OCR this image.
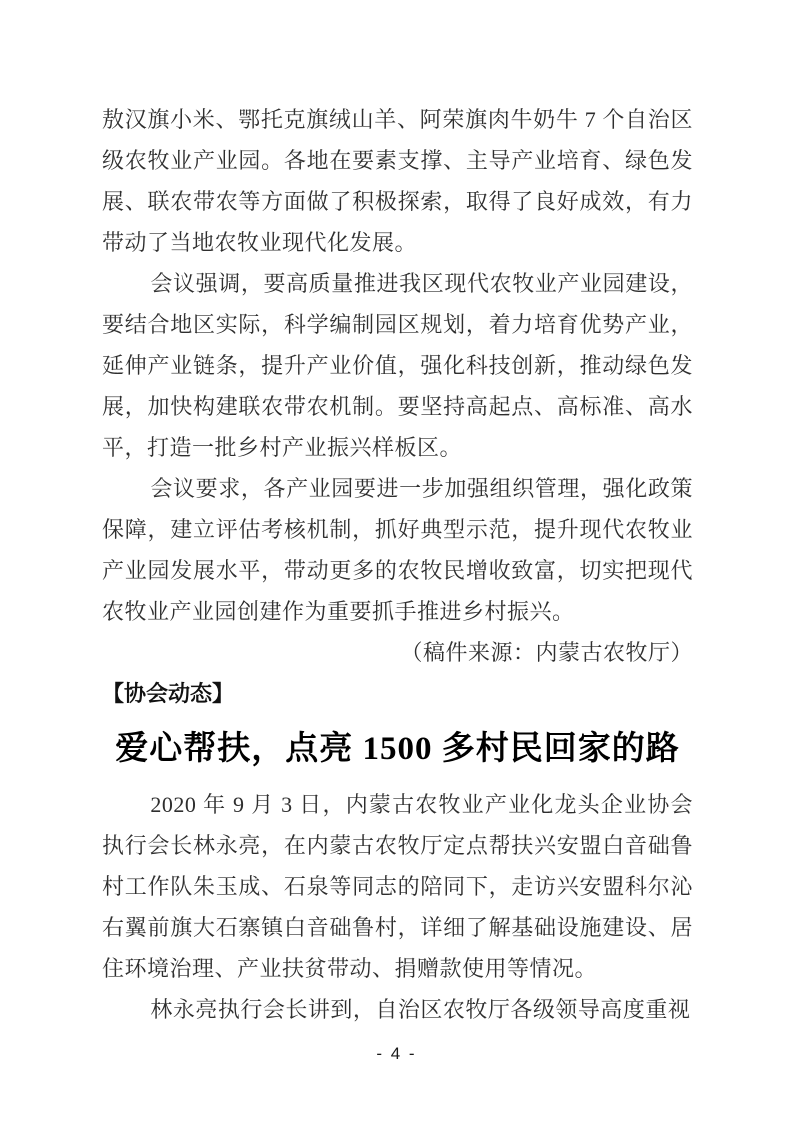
敖汉旗小米、鄂托克旗绒山羊、阿荣旗肉牛奶牛 7 个自治区级农牧业产业园。各地在要素支撑、主导产业培育、绿色发展、联农带农等方面做了积极探索，取得了良好成效，有力带动了当地农牧业现代化发展。

会议强调，要高质量推进我区现代农牧业产业园建设，要结合地区实际，科学编制园区规划，着力培育优势产业，延伸产业链条，提升产业价值，强化科技创新，推动绿色发展，加快构建联农带农机制。要坚持高起点、高标准、高水平，打造一批乡村产业振兴样板区。

会议要求，各产业园要进一步加强组织管理，强化政策保障，建立评估考核机制，抓好典型示范，提升现代农牧业产业园发展水平，带动更多的农牧民增收致富，切实把现代农牧业产业园创建作为重要抓手推进乡村振兴。

（稿件来源：内蒙古农牧厅）

【协会动态】
爱心帮扶，点亮 1500 多村民回家的路

2020 年 9 月 3 日，内蒙古农牧业产业化龙头企业协会执行会长林永亮，在内蒙古农牧厅定点帮扶兴安盟白音础鲁村工作队朱玉成、石泉等同志的陪同下，走访兴安盟科尔沁右翼前旗大石寨镇白音础鲁村，详细了解基础设施建设、居住环境治理、产业扶贫带动、捐赠款使用等情况。

林永亮执行会长讲到，自治区农牧厅各级领导高度重视

- 4 -
